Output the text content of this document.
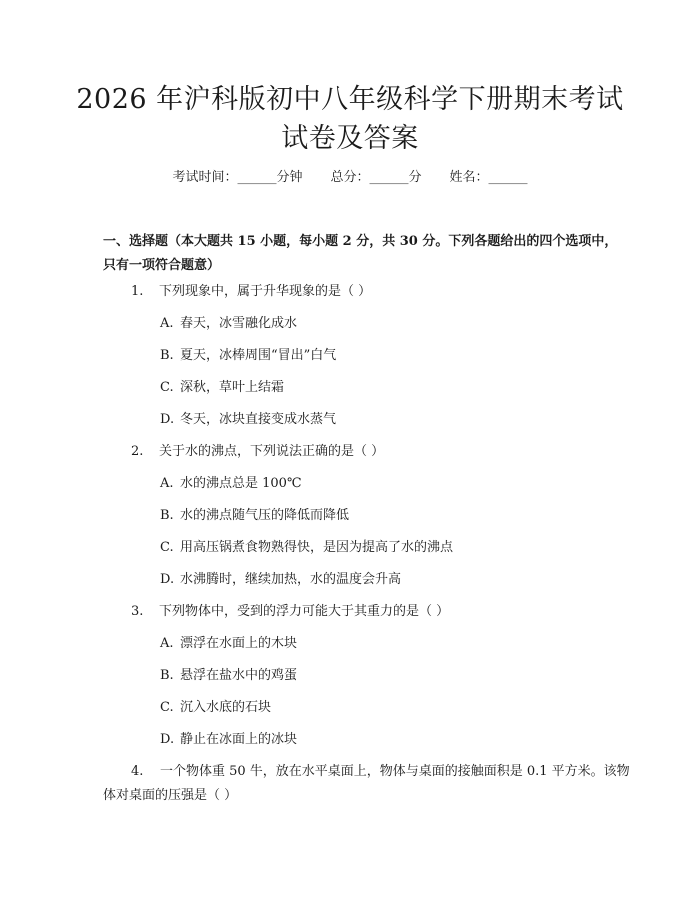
2026 年沪科版初中八年级科学下册期末考试
试卷及答案
考试时间：______分钟 总分：______分 姓名：______
一、选择题（本大题共 15 小题，每小题 2 分，共 30 分。下列各题给出的四个选项中，只有一项符合题意）
1.	下列现象中，属于升华现象的是（ ）
A. 春天，冰雪融化成水
B. 夏天，冰棒周围“冒出”白气
C. 深秋，草叶上结霜
D. 冬天，冰块直接变成水蒸气
2.	关于水的沸点，下列说法正确的是（ ）
A. 水的沸点总是 100℃
B. 水的沸点随气压的降低而降低
C. 用高压锅煮食物熟得快，是因为提高了水的沸点
D. 水沸腾时，继续加热，水的温度会升高
3.	下列物体中，受到的浮力可能大于其重力的是（ ）
A. 漂浮在水面上的木块
B. 悬浮在盐水中的鸡蛋
C. 沉入水底的石块
D. 静止在冰面上的冰块
4. 一个物体重 50 牛，放在水平桌面上，物体与桌面的接触面积是 0.1 平方米。该物体对桌面的压强是（ ）
